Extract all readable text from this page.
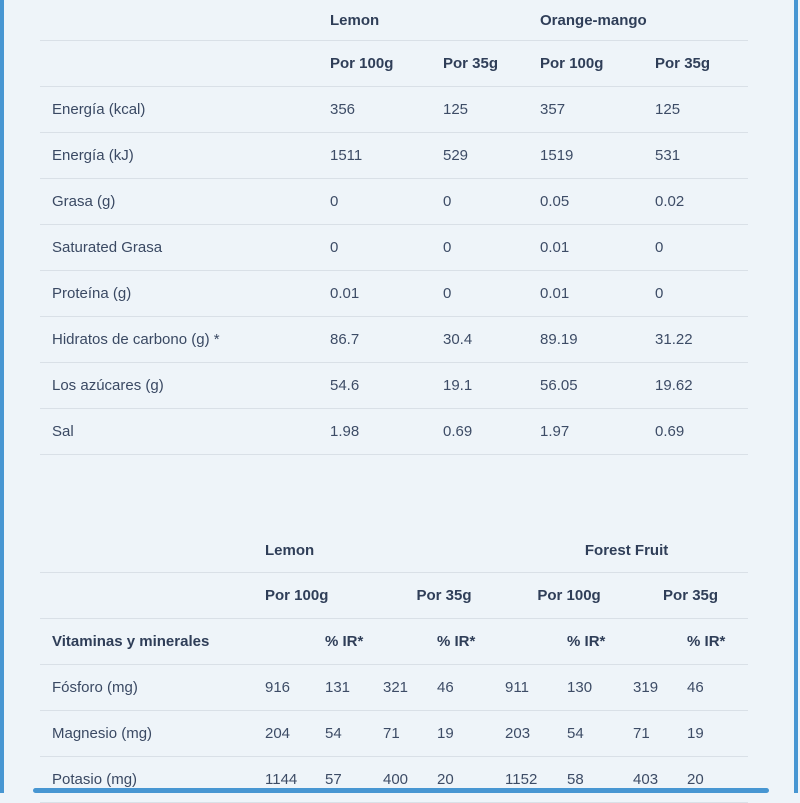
	Lemon		Orange-mango	
	Por 100g	Por 35g	Por 100g	Por 35g
Energía (kcal)	356	125	357	125
Energía (kJ)	1511	529	1519	531
Grasa (g)	0	0	0.05	0.02
Saturated Grasa	0	0	0.01	0
Proteína (g)	0.01	0	0.01	0
Hidratos de carbono (g) *	86.7	30.4	89.19	31.22
Los azúcares (g)	54.6	19.1	56.05	19.62
Sal	1.98	0.69	1.97	0.69
	Lemon				Forest Fruit			
	Por 100g		Por 35g		Por 100g		Por 35g	
Vitaminas y minerales		% IR*		% IR*		% IR*		% IR*
Fósforo (mg)	916	131	321	46	911	130	319	46
Magnesio (mg)	204	54	71	19	203	54	71	19
Potasio (mg)	1144	57	400	20	1152	58	403	20
